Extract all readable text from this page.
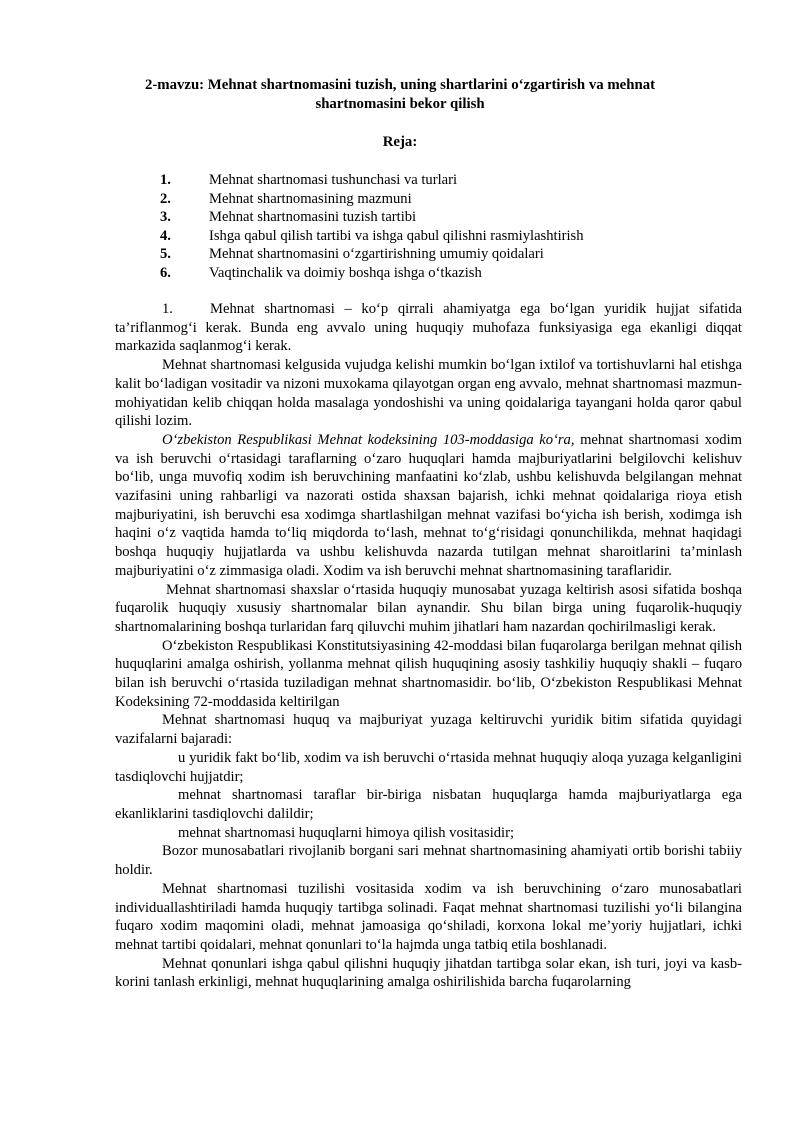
2-mavzu: Mehnat shartnomasini tuzish, uning shartlarini o‘zgartirish va mehnat shartnomasini bekor qilish
Reja:
1.	Mehnat shartnomasi tushunchasi va turlari
2.	Mehnat shartnomasining mazmuni
3.	Mehnat shartnomasini tuzish tartibi
4.	Ishga qabul qilish tartibi va ishga qabul qilishni rasmiylashtirish
5.	Mehnat shartnomasini o‘zgartirishning umumiy qoidalari
6.	Vaqtinchalik va doimiy boshqa ishga o‘tkazish

1.	Mehnat shartnomasi – ko‘p qirrali ahamiyatga ega bo‘lgan yuridik hujjat sifatida ta’riflanmog‘i kerak. Bunda eng avvalo uning huquqiy muhofaza funksiyasiga ega ekanligi diqqat markazida saqlanmog‘i kerak.

Mehnat shartnomasi kelgusida vujudga kelishi mumkin bo‘lgan ixtilof va tortishuvlarni hal etishga kalit bo‘ladigan vositadir va nizoni muxokama qilayotgan organ eng avvalo, mehnat shartnomasi mazmun-mohiyatidan kelib chiqqan holda masalaga yondoshishi va uning qoidalariga tayangani holda qaror qabul qilishi lozim.

O‘zbekiston Respublikasi Mehnat kodeksining 103-moddasiga ko‘ra, mehnat shartnomasi xodim va ish beruvchi o‘rtasidagi taraflarning o‘zaro huquqlari hamda majburiyatlarini belgilovchi kelishuv bo‘lib, unga muvofiq xodim ish beruvchining manfaatini ko‘zlab, ushbu kelishuvda belgilangan mehnat vazifasini uning rahbarligi va nazorati ostida shaxsan bajarish, ichki mehnat qoidalariga rioya etish majburiyatini, ish beruvchi esa xodimga shartlashilgan mehnat vazifasi bo‘yicha ish berish, xodimga ish haqini o‘z vaqtida hamda to‘liq miqdorda to‘lash, mehnat to‘g‘risidagi qonunchilikda, mehnat haqidagi boshqa huquqiy hujjatlarda va ushbu kelishuvda nazarda tutilgan mehnat sharoitlarini ta’minlash majburiyatini o‘z zimmasiga oladi. Xodim va ish beruvchi mehnat shartnomasining taraflaridir.

Mehnat shartnomasi shaxslar o‘rtasida huquqiy munosabat yuzaga keltirish asosi sifatida boshqa fuqarolik huquqiy xususiy shartnomalar bilan aynandir. Shu bilan birga uning fuqarolik-huquqiy shartnomalarining boshqa turlaridan farq qiluvchi muhim jihatlari ham nazardan qochirilmasligi kerak.

O‘zbekiston Respublikasi Konstitutsiyasining 42-moddasi bilan fuqarolarga berilgan mehnat qilish huquqlarini amalga oshirish, yollanma mehnat qilish huquqining asosiy tashkiliy huquqiy shakli – fuqaro bilan ish beruvchi o‘rtasida tuziladigan mehnat shartnomasidir. bo‘lib, O‘zbekiston Respublikasi Mehnat Kodeksining 72-moddasida keltirilgan

Mehnat shartnomasi huquq va majburiyat yuzaga keltiruvchi yuridik bitim sifatida quyidagi vazifalarni bajaradi:

u yuridik fakt bo‘lib, xodim va ish beruvchi o‘rtasida mehnat huquqiy aloqa yuzaga kelganligini tasdiqlovchi hujjatdir;

mehnat shartnomasi taraflar bir-biriga nisbatan huquqlarga hamda majburiyatlarga ega ekanliklarini tasdiqlovchi dalildir;

mehnat shartnomasi huquqlarni himoya qilish vositasidir;

Bozor munosabatlari rivojlanib borgani sari mehnat shartnomasining ahamiyati ortib borishi tabiiy holdir.

Mehnat shartnomasi tuzilishi vositasida xodim va ish beruvchining o‘zaro munosabatlari individuallashtiriladi hamda huquqiy tartibga solinadi. Faqat mehnat shartnomasi tuzilishi yo‘li bilangina fuqaro xodim maqomini oladi, mehnat jamoasiga qo‘shiladi, korxona lokal me’yoriy hujjatlari, ichki mehnat tartibi qoidalari, mehnat qonunlari to‘la hajmda unga tatbiq etila boshlanadi.

Mehnat qonunlari ishga qabul qilishni huquqiy jihatdan tartibga solar ekan, ish turi, joyi va kasb-korini tanlash erkinligi, mehnat huquqlarining amalga oshirilishida barcha fuqarolarning
